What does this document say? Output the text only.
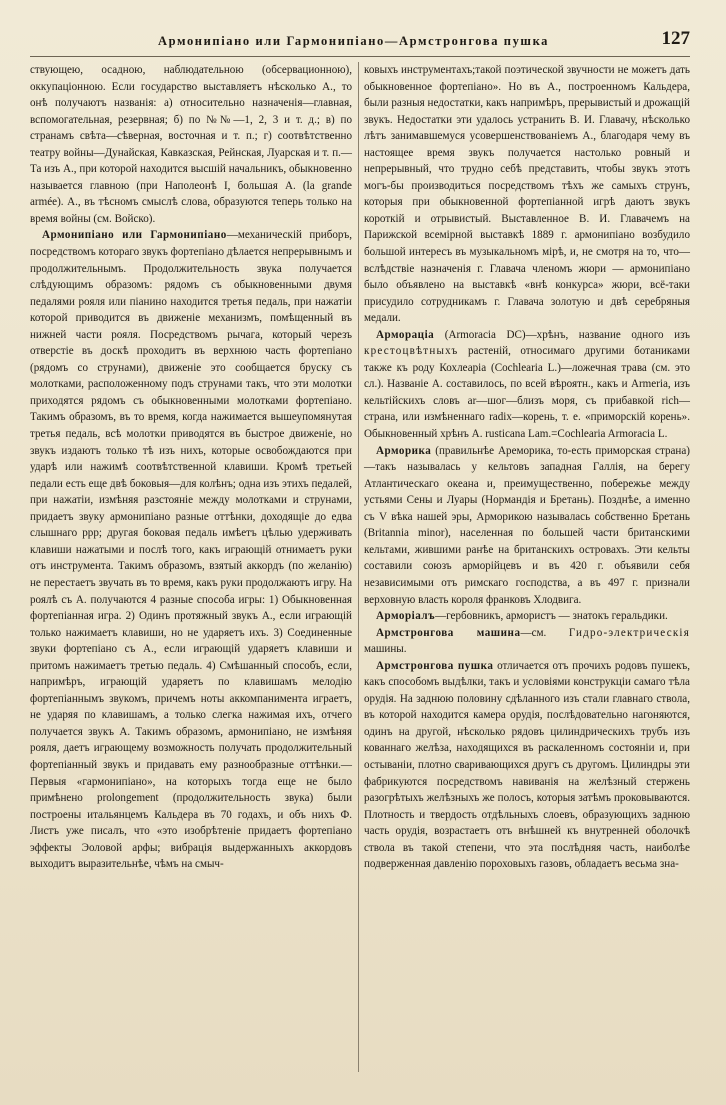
Армонипiано или Гармонипiано—Армстронгова пушка	127

ствующею, осадною, наблюдательною (обсервационною), оккупацiонною. Если государство выставляетъ нѣсколько А., то онѣ получаютъ названiя: а) относительно назначенiя—главная, вспомогательная, резервная; б) по №№—1, 2, 3 и т. д.; в) по странамъ свѣта—сѣверная, восточная и т. п.; г) соотвѣтственно театру войны—Дунайская, Кавказская, Рейнская, Луарская и т. п.—Та изъ А., при которой находится высшiй начальникъ, обыкновенно называется главною (при Наполеонѣ I, большая А. (la grande armée). А., въ тѣсномъ смыслѣ слова, образуются теперь только на время войны (см. Войско).

Армонипiано или Гармонипiано—механическiй приборъ, посредствомъ котораго звукъ фортепiано дѣлается непрерывнымъ и продолжительнымъ. Продолжительность звука получается слѣдующимъ образомъ: рядомъ съ обыкновенными двумя педалями рояля или пiанино находится третья педаль, при нажатiи которой приводится въ движенiе механизмъ, помѣщенный въ нижней части рояля. Посредствомъ рычага, который черезъ отверстiе въ доскѣ проходитъ въ верхнюю часть фортепiано (рядомъ со струнами), движенiе это сообщается бруску съ молотками, расположенному подъ струнами такъ, что эти молотки приходятся рядомъ съ обыкновенными молотками фортепiано. Такимъ образомъ, въ то время, когда нажимается вышеупомянутая третья педаль, всѣ молотки приводятся въ быстрое движенiе, но звукъ издаютъ только тѣ изъ нихъ, которые освобождаются при ударѣ или нажимѣ соотвѣтственной клавиши. Кромѣ третьей педали есть еще двѣ боковыя—для колѣнъ; одна изъ этихъ педалей, при нажатiи, измѣняя разстоянiе между молотками и струнами, придаетъ звуку армонипiано разные оттѣнки, доходящiе до едва слышнаго ppp; другая боковая педаль имѣетъ цѣлью удерживать клавиши нажатыми и послѣ того, какъ играющiй отнимаетъ руки отъ инструмента. Такимъ образомъ, взятый аккордъ (по желанiю) не перестаетъ звучать въ то время, какъ руки продолжаютъ игру. На роялѣ съ А. получаются 4 разные способа игры: 1) Обыкновенная фортепiанная игра. 2) Одинъ протяжный звукъ А., если играющiй только нажимаетъ клавиши, но не ударяетъ ихъ. 3) Соединенные звуки фортепiано съ А., если играющiй ударяетъ клавиши и притомъ нажимаетъ третью педаль. 4) Смѣшанный способъ, если, напримѣръ, играющiй ударяетъ по клавишамъ мелодiю фортепiаннымъ звукомъ, причемъ ноты аккомпанимента играетъ, не ударяя по клавишамъ, а только слегка нажимая ихъ, отчего получается звукъ А. Такимъ образомъ, армонипiано, не измѣняя рояля, даетъ играющему возможность получать продолжительный фортепiанный звукъ и придавать ему разнообразные оттѣнки.—Первыя «гармонипiано», на которыхъ тогда еще не было примѣнено prolongement (продолжительность звука) были построены итальянцемъ Кальдера въ 70 годахъ, и объ нихъ Ф. Листъ уже писалъ, что «это изобрѣтенiе придаетъ фортепiано эффекты Эоловой арфы; вибрацiя выдержанныхъ аккордовъ выходитъ выразительнѣе, чѣмъ на смыч-

ковыхъ инструментахъ;такой поэтической звучности не можетъ дать обыкновенное фортепiано». Но въ А., построенномъ Кальдера, были разныя недостатки, какъ напримѣръ, прерывистый и дрожащiй звукъ. Недостатки эти удалось устранить В. И. Главачу, нѣсколько лѣтъ занимавшемуся усовершенствованiемъ А., благодаря чему въ настоящее время звукъ получается настолько ровный и непрерывный, что трудно себѣ представить, чтобы звукъ этотъ могъ-бы производиться посредствомъ тѣхъ же самыхъ струнъ, которыя при обыкновенной фортепiанной игрѣ даютъ звукъ короткiй и отрывистый. Выставленное В. И. Главачемъ на Парижской всемiрной выставкѣ 1889 г. армонипiано возбудило большой интересъ въ музыкальномъ мiрѣ, и, не смотря на то, что—вслѣдствiе назначенiя г. Главача членомъ жюри — армонипiано было объявлено на выставкѣ «внѣ конкурса» жюри, всё-таки присудило сотрудникамъ г. Главача золотую и двѣ серебряныя медали.

Армораціа (Armoracia DC)—хрѣнъ, название одного изъ крестоцвѣтныхъ растенiй, относимаго другими ботаниками также къ роду Кохлеарiа (Cochlearia L.)—ложечная трава (см. это сл.). Названiе А. составилось, по всей вѣроятн., какъ и Armeria, изъ кельтiйскихъ словъ ar—шог—близъ моря, съ прибавкой rich—страна, или измѣненнаго radix—корень, т. е. «приморскiй корень». Обыкновенный хрѣнъ A. rusticana Lam.=Cochlearia Armoracia L.

Арморика (правильнѣе Ареморика, то-есть приморская страна)—такъ называлась у кельтовъ западная Галлiя, на берегу Атлантическаго океана и, преимущественно, побережье между устьями Сены и Луары (Нормандiя и Бретань). Позднѣе, а именно съ V вѣка нашей эры, Арморикою называлась собственно Бретань (Britannia minor), населенная по большей части британскими кельтами, жившими ранѣе на британскихъ островахъ. Эти кельты составили союзъ арморiйцевъ и въ 420 г. объявили себя независимыми отъ римскаго господства, а въ 497 г. признали верховную власть короля франковъ Хлодвига.

Арморiалъ—гербовникъ, армористъ — знатокъ геральдики.

Армстронгова машина—см. Гидро-электрическiя машины.

Армстронгова пушка отличается отъ прочихъ родовъ пушекъ, какъ способомъ выдѣлки, такъ и условiями конструкцiи самаго тѣла орудiя. На заднюю половину сдѣланного изъ стали главнаго ствола, въ которой находится камера орудiя, послѣдовательно нагоняются, одинъ на другой, нѣсколько рядовъ цилиндрическихъ трубъ изъ кованнаго желѣза, находящихся въ раскаленномъ состоянiи и, при остыванiи, плотно сваривающихся другъ съ другомъ. Цилиндры эти фабрикуются посредствомъ навиванiя на желѣзный стержень разогрѣтыхъ желѣзныхъ же полосъ, которыя затѣмъ проковываются. Плотность и твердость отдѣльныхъ слоевъ, образующихъ заднюю часть орудiя, возрастаетъ отъ внѣшней къ внутренней оболочкѣ ствола въ такой степени, что эта послѣдняя часть, наиболѣе подверженная давленiю пороховыхъ газовъ, обладаетъ весьма зна-
